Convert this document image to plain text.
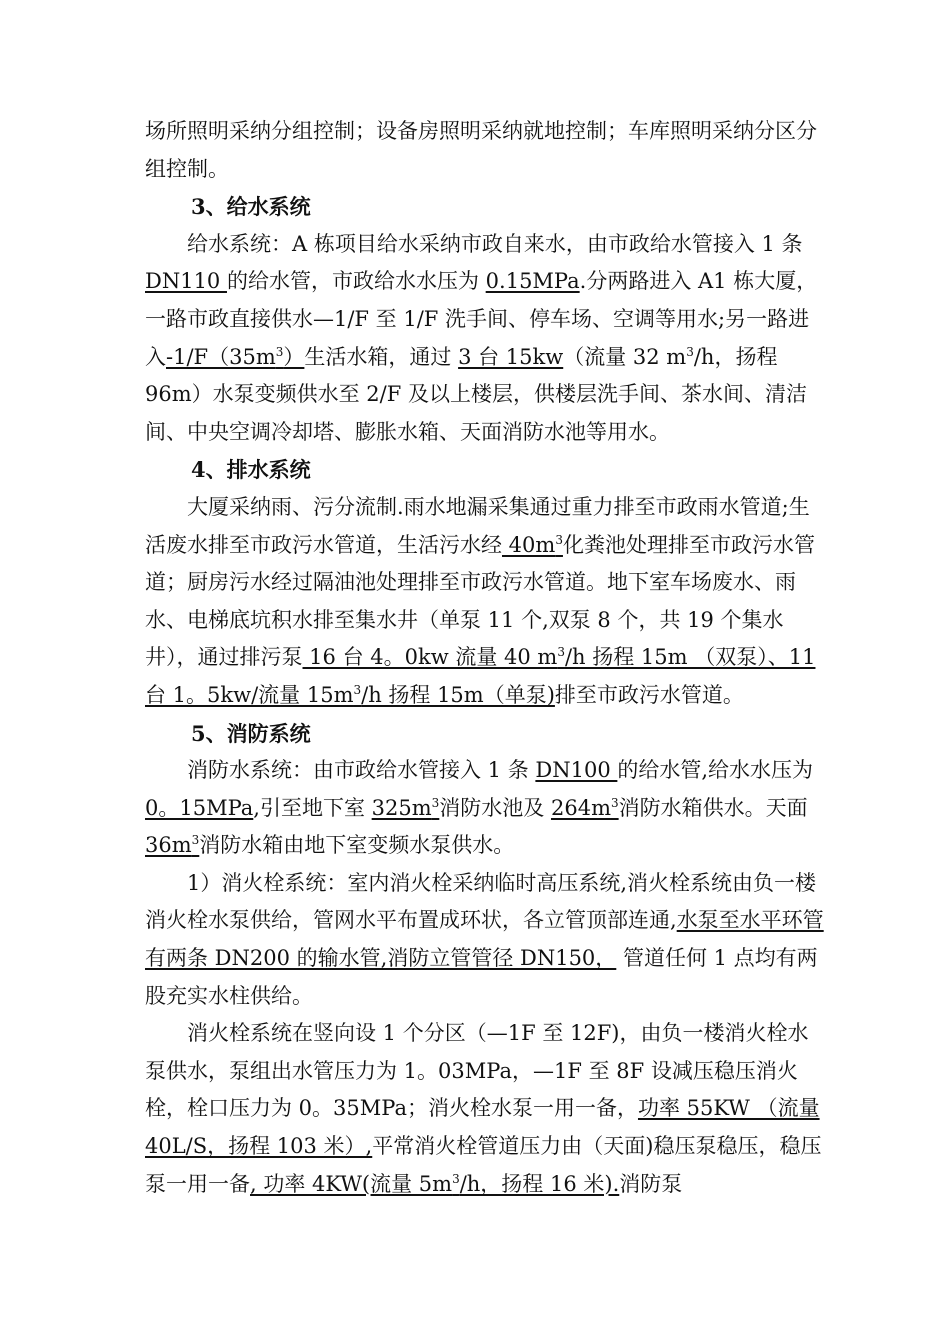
场所照明采纳分组控制；设备房照明采纳就地控制；车库照明采纳分区分组控制。

3、给水系统

给水系统：A 栋项目给水采纳市政自来水，由市政给水管接入 1 条DN110 的给水管，市政给水水压为 0.15MPa.分两路进入 A1 栋大厦，一路市政直接供水—1/F 至 1/F 洗手间、停车场、空调等用水;另一路进入$-1/F(35m^3)$生活水箱，通过 3 台 15kw（流量 32 $m^3/h$，扬程 96m）水泵变频供水至 2/F 及以上楼层，供楼层洗手间、茶水间、清洁间、中央空调冷却塔、膨胀水箱、天面消防水池等用水。

4、排水系统

大厦采纳雨、污分流制.雨水地漏采集通过重力排至市政雨水管道;生活废水排至市政污水管道，生活污水经 $40m^3$化粪池处理排至市政污水管道；厨房污水经过隔油池处理排至市政污水管道。地下室车场废水、雨水、电梯底坑积水排至集水井（单泵 11 个,双泵 8 个，共 19 个集水井），通过排污泵 16 台 4。0kw 流量 40 $m^3/h$ 扬程 15m （双泵）、11 台 1。5kw/流量 $15m^3/h$ 扬程 15m（单泵)排至市政污水管道。

5、消防系统

消防水系统：由市政给水管接入 1 条 DN100 的给水管,给水水压为 0。15MPa,引至地下室 $325m^3$消防水池及 $264m^3$消防水箱供水。天面 $36m^3$消防水箱由地下室变频水泵供水。

1）消火栓系统：室内消火栓采纳临时高压系统,消火栓系统由负一楼消火栓水泵供给，管网水平布置成环状，各立管顶部连通,水泵至水平环管有两条 DN200 的输水管,消防立管管径 DN150， 管道任何 1 点均有两股充实水柱供给。

消火栓系统在竖向设 1 个分区（—1F 至 12F)，由负一楼消火栓水泵供水，泵组出水管压力为 1。03MPa，—1F 至 8F 设减压稳压消火栓，栓口压力为 0。35MPa；消火栓水泵一用一备，功率 55KW （流量 40L/S，扬程 103 米）,平常消火栓管道压力由（天面)稳压泵稳压，稳压泵一用一备, 功率 4KW(流量 $5m^3/h$，扬程 16 米).消防泵
